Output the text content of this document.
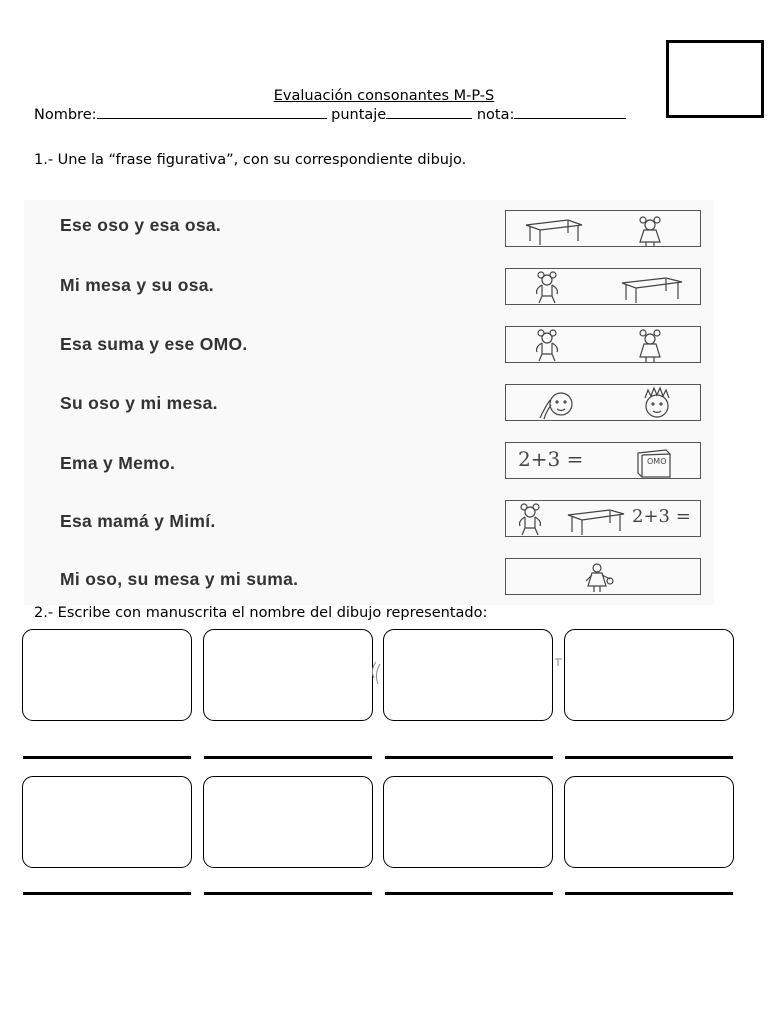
Evaluación consonantes M-P-S
Nombre:	puntaje	nota:
1.- Une la “frase figurativa”, con su correspondiente dibujo.
Ese oso y esa osa.
Mi mesa y su osa.
Esa suma y ese OMO.
Su oso y mi mesa.
Ema y Memo.
Esa mamá y Mimí.
Mi oso, su mesa y mi suma.
2+3 =	OMO
2+3 =
2.- Escribe con manuscrita el nombre del dibujo representado:
